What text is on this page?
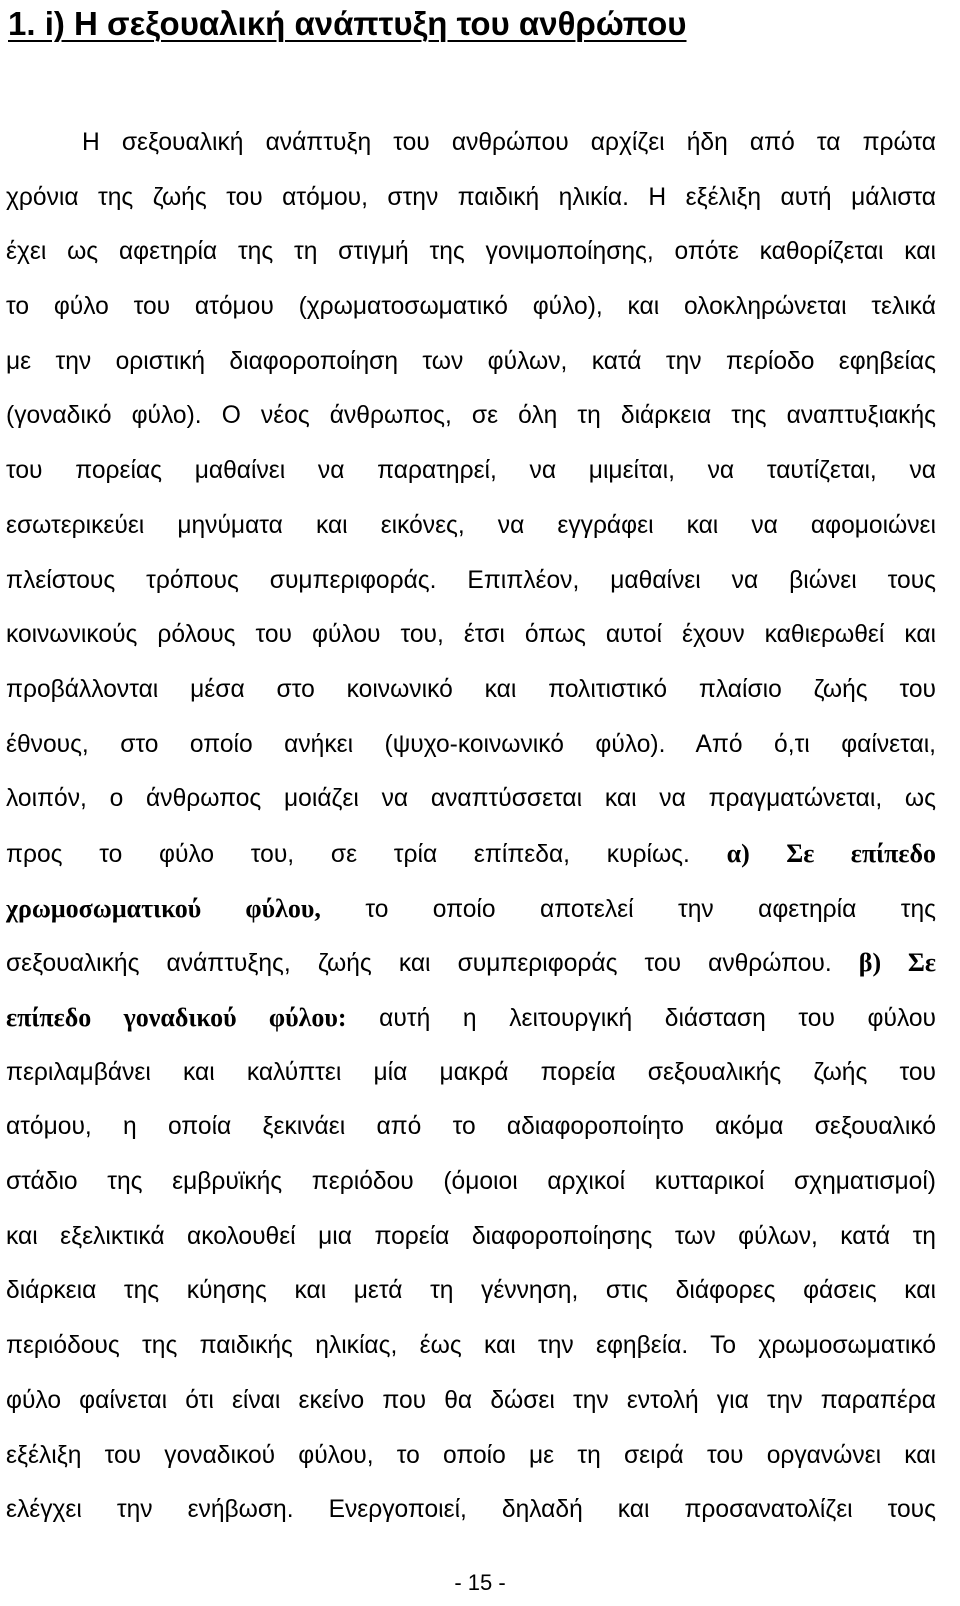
1. i) Η σεξουαλική ανάπτυξη του ανθρώπου
Η σεξουαλική ανάπτυξη του ανθρώπου αρχίζει ήδη από τα πρώτα
χρόνια της ζωής του ατόμου, στην παιδική ηλικία. Η εξέλιξη αυτή μάλιστα
έχει ως αφετηρία της τη στιγμή της γονιμοποίησης, οπότε καθορίζεται και
το φύλο του ατόμου (χρωματοσωματικό φύλο), και ολοκληρώνεται τελικά
με την οριστική διαφοροποίηση των φύλων, κατά την περίοδο εφηβείας
(γοναδικό φύλο). Ο νέος άνθρωπος, σε όλη τη διάρκεια της αναπτυξιακής
του πορείας μαθαίνει να παρατηρεί, να μιμείται, να ταυτίζεται, να
εσωτερικεύει μηνύματα και εικόνες, να εγγράφει και να αφομοιώνει
πλείστους τρόπους συμπεριφοράς. Επιπλέον, μαθαίνει να βιώνει τους
κοινωνικούς ρόλους του φύλου του, έτσι όπως αυτοί έχουν καθιερωθεί και
προβάλλονται μέσα στο κοινωνικό και πολιτιστικό πλαίσιο ζωής του
έθνους, στο οποίο ανήκει (ψυχο-κοινωνικό φύλο). Από ό,τι φαίνεται,
λοιπόν, ο άνθρωπος μοιάζει να αναπτύσσεται και να πραγματώνεται, ως
προς το φύλο του, σε τρία επίπεδα, κυρίως. α) Σε επίπεδο
χρωμοσωματικού φύλου, το οποίο αποτελεί την αφετηρία της
σεξουαλικής ανάπτυξης, ζωής και συμπεριφοράς του ανθρώπου. β) Σε
επίπεδο γοναδικού φύλου: αυτή η λειτουργική διάσταση του φύλου
περιλαμβάνει και καλύπτει μία μακρά πορεία σεξουαλικής ζωής του
ατόμου, η οποία ξεκινάει από το αδιαφοροποίητο ακόμα σεξουαλικό
στάδιο της εμβρυϊκής περιόδου (όμοιοι αρχικοί κυτταρικοί σχηματισμοί)
και εξελικτικά ακολουθεί μια πορεία διαφοροποίησης των φύλων, κατά τη
διάρκεια της κύησης και μετά τη γέννηση, στις διάφορες φάσεις και
περιόδους της παιδικής ηλικίας, έως και την εφηβεία. Το χρωμοσωματικό
φύλο φαίνεται ότι είναι εκείνο που θα δώσει την εντολή για την παραπέρα
εξέλιξη του γοναδικού φύλου, το οποίο με τη σειρά του οργανώνει και
ελέγχει την ενήβωση. Ενεργοποιεί, δηλαδή και προσανατολίζει τους
- 15 -
